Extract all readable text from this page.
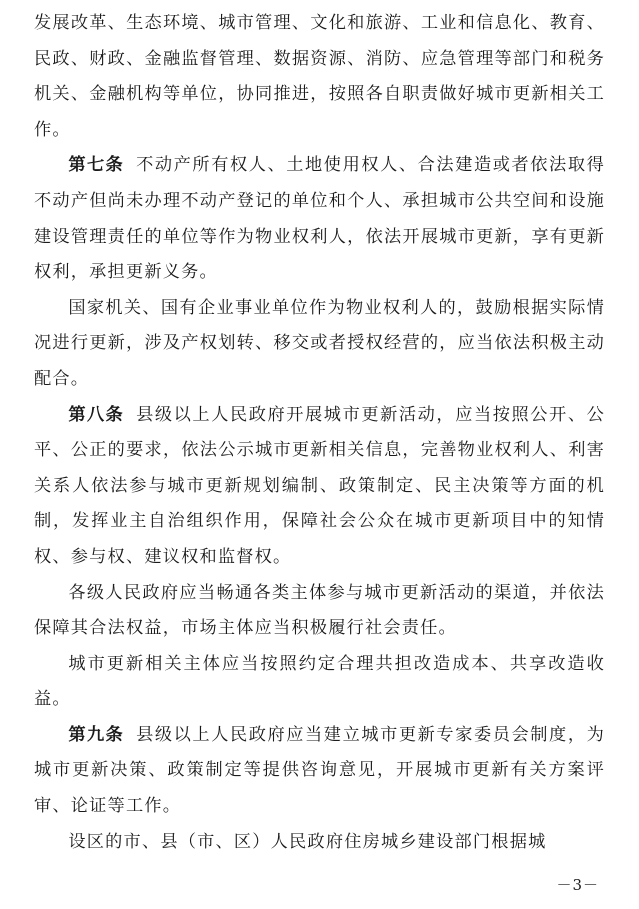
发展改革、生态环境、城市管理、文化和旅游、工业和信息化、教育、民政、财政、金融监督管理、数据资源、消防、应急管理等部门和税务机关、金融机构等单位，协同推进，按照各自职责做好城市更新相关工作。

第七条 不动产所有权人、土地使用权人、合法建造或者依法取得不动产但尚未办理不动产登记的单位和个人、承担城市公共空间和设施建设管理责任的单位等作为物业权利人，依法开展城市更新，享有更新权利，承担更新义务。

国家机关、国有企业事业单位作为物业权利人的，鼓励根据实际情况进行更新，涉及产权划转、移交或者授权经营的，应当依法积极主动配合。

第八条 县级以上人民政府开展城市更新活动，应当按照公开、公平、公正的要求，依法公示城市更新相关信息，完善物业权利人、利害关系人依法参与城市更新规划编制、政策制定、民主决策等方面的机制，发挥业主自治组织作用，保障社会公众在城市更新项目中的知情权、参与权、建议权和监督权。

各级人民政府应当畅通各类主体参与城市更新活动的渠道，并依法保障其合法权益，市场主体应当积极履行社会责任。

城市更新相关主体应当按照约定合理共担改造成本、共享改造收益。

第九条 县级以上人民政府应当建立城市更新专家委员会制度，为城市更新决策、政策制定等提供咨询意见，开展城市更新有关方案评审、论证等工作。

设区的市、县（市、区）人民政府住房城乡建设部门根据城

－3－
